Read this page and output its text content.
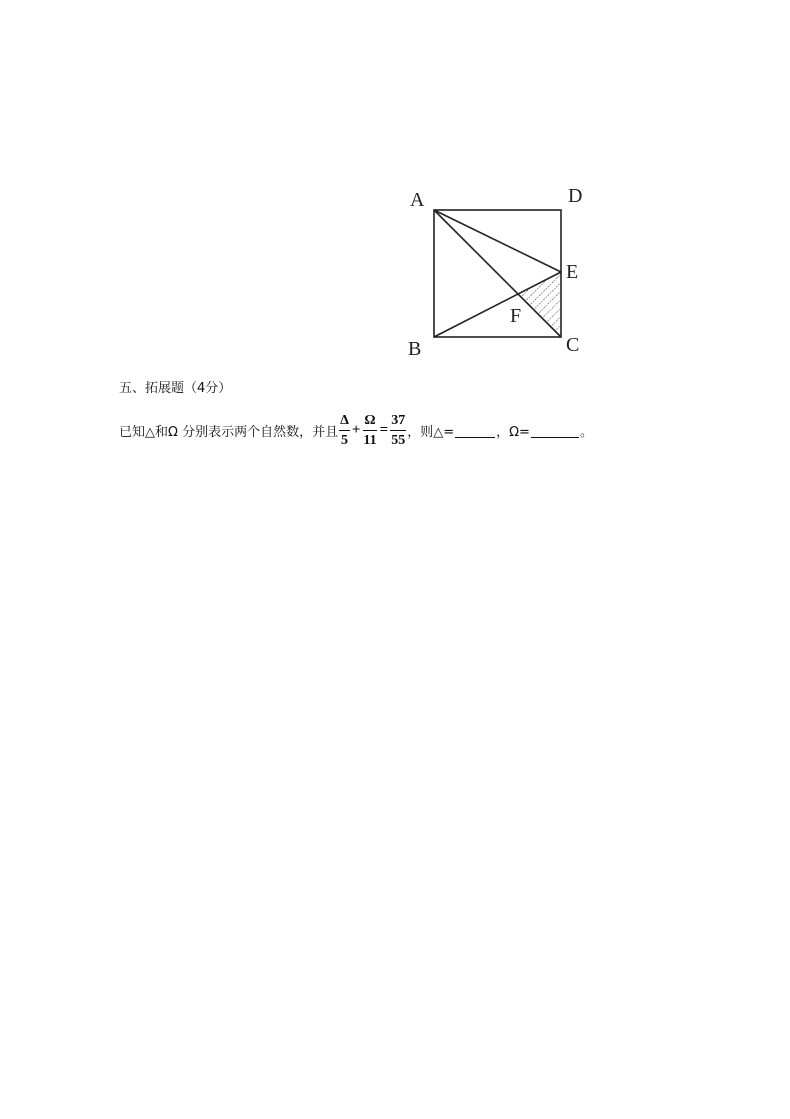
A	D
E
F
B	C
五、拓展题（4分）
已知△和Ω 分别表示两个自然数，并且 $\frac{\Delta}{5} + \frac{\Omega}{11} = \frac{37}{55}$ ，则△=	，Ω=	。
